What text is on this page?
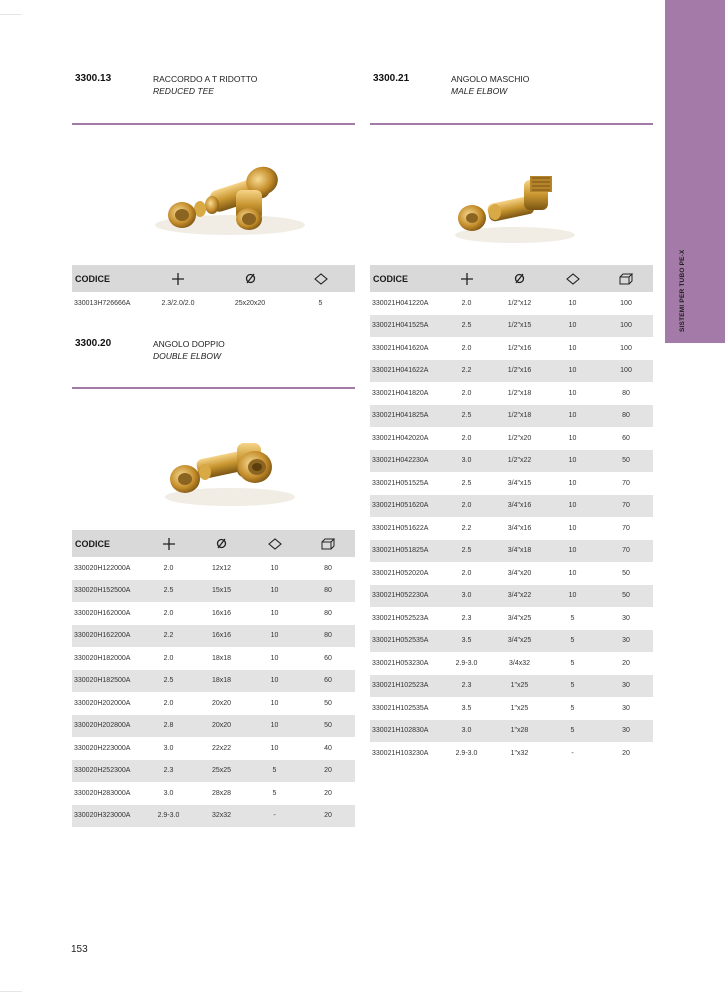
SISTEMI PER TUBO PE-X
3300.13	RACCORDO A T RIDOTTO
REDUCED TEE
CODICE			
330013H726666A	2.3/2.0/2.0	25x20x20	5
3300.20	ANGOLO DOPPIO
DOUBLE ELBOW
CODICE				
330020H122000A	2.0	12x12	10	80
330020H152500A	2.5	15x15	10	80
330020H162000A	2.0	16x16	10	80
330020H162200A	2.2	16x16	10	80
330020H182000A	2.0	18x18	10	60
330020H182500A	2.5	18x18	10	60
330020H202000A	2.0	20x20	10	50
330020H202800A	2.8	20x20	10	50
330020H223000A	3.0	22x22	10	40
330020H252300A	2.3	25x25	5	20
330020H283000A	3.0	28x28	5	20
330020H323000A	2.9-3.0	32x32	-	20
3300.21	ANGOLO MASCHIO
MALE ELBOW
CODICE				
330021H041220A	2.0	1/2"x12	10	100
330021H041525A	2.5	1/2"x15	10	100
330021H041620A	2.0	1/2"x16	10	100
330021H041622A	2.2	1/2"x16	10	100
330021H041820A	2.0	1/2"x18	10	80
330021H041825A	2.5	1/2"x18	10	80
330021H042020A	2.0	1/2"x20	10	60
330021H042230A	3.0	1/2"x22	10	50
330021H051525A	2.5	3/4"x15	10	70
330021H051620A	2.0	3/4"x16	10	70
330021H051622A	2.2	3/4"x16	10	70
330021H051825A	2.5	3/4"x18	10	70
330021H052020A	2.0	3/4"x20	10	50
330021H052230A	3.0	3/4"x22	10	50
330021H052523A	2.3	3/4"x25	5	30
330021H052535A	3.5	3/4"x25	5	30
330021H053230A	2.9-3.0	3/4x32	5	20
330021H102523A	2.3	1"x25	5	30
330021H102535A	3.5	1"x25	5	30
330021H102830A	3.0	1"x28	5	30
330021H103230A	2.9-3.0	1"x32	-	20
153
